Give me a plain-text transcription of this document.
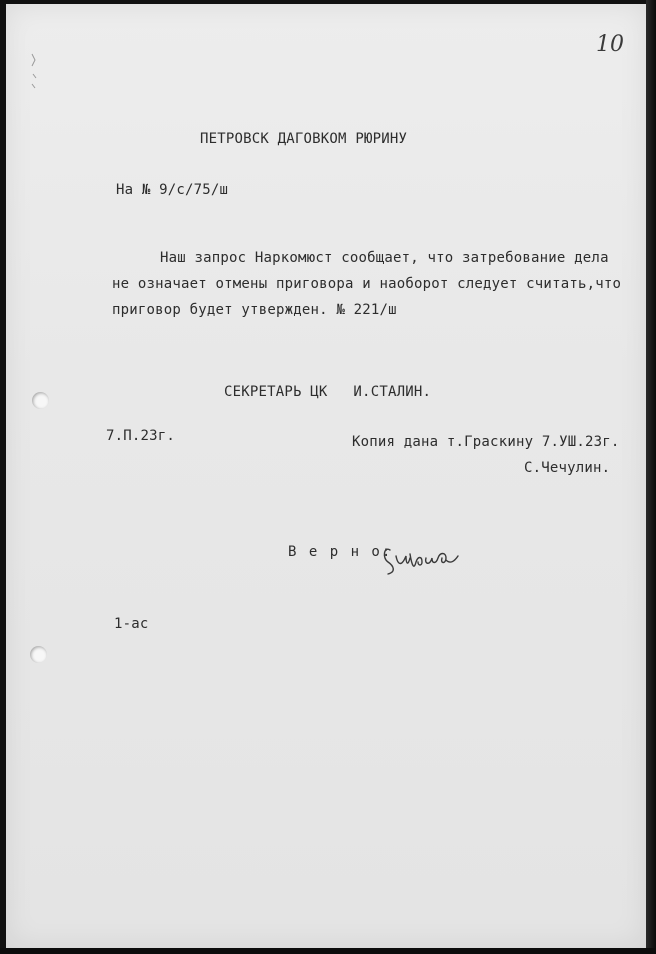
10
ПЕТРОВСК ДАГОВКОМ РЮРИНУ
На № 9/с/75/ш
Наш запрос Наркомюст сообщает, что затребование дела
не означает отмены приговора и наоборот следует считать,что
приговор будет утвержден. № 221/ш
СЕКРЕТАРЬ ЦК   И.СТАЛИН.
7.П.23г.	Копия дана т.Граскину 7.УШ.23г.
С.Чечулин.
В е р н о:
1-ас
